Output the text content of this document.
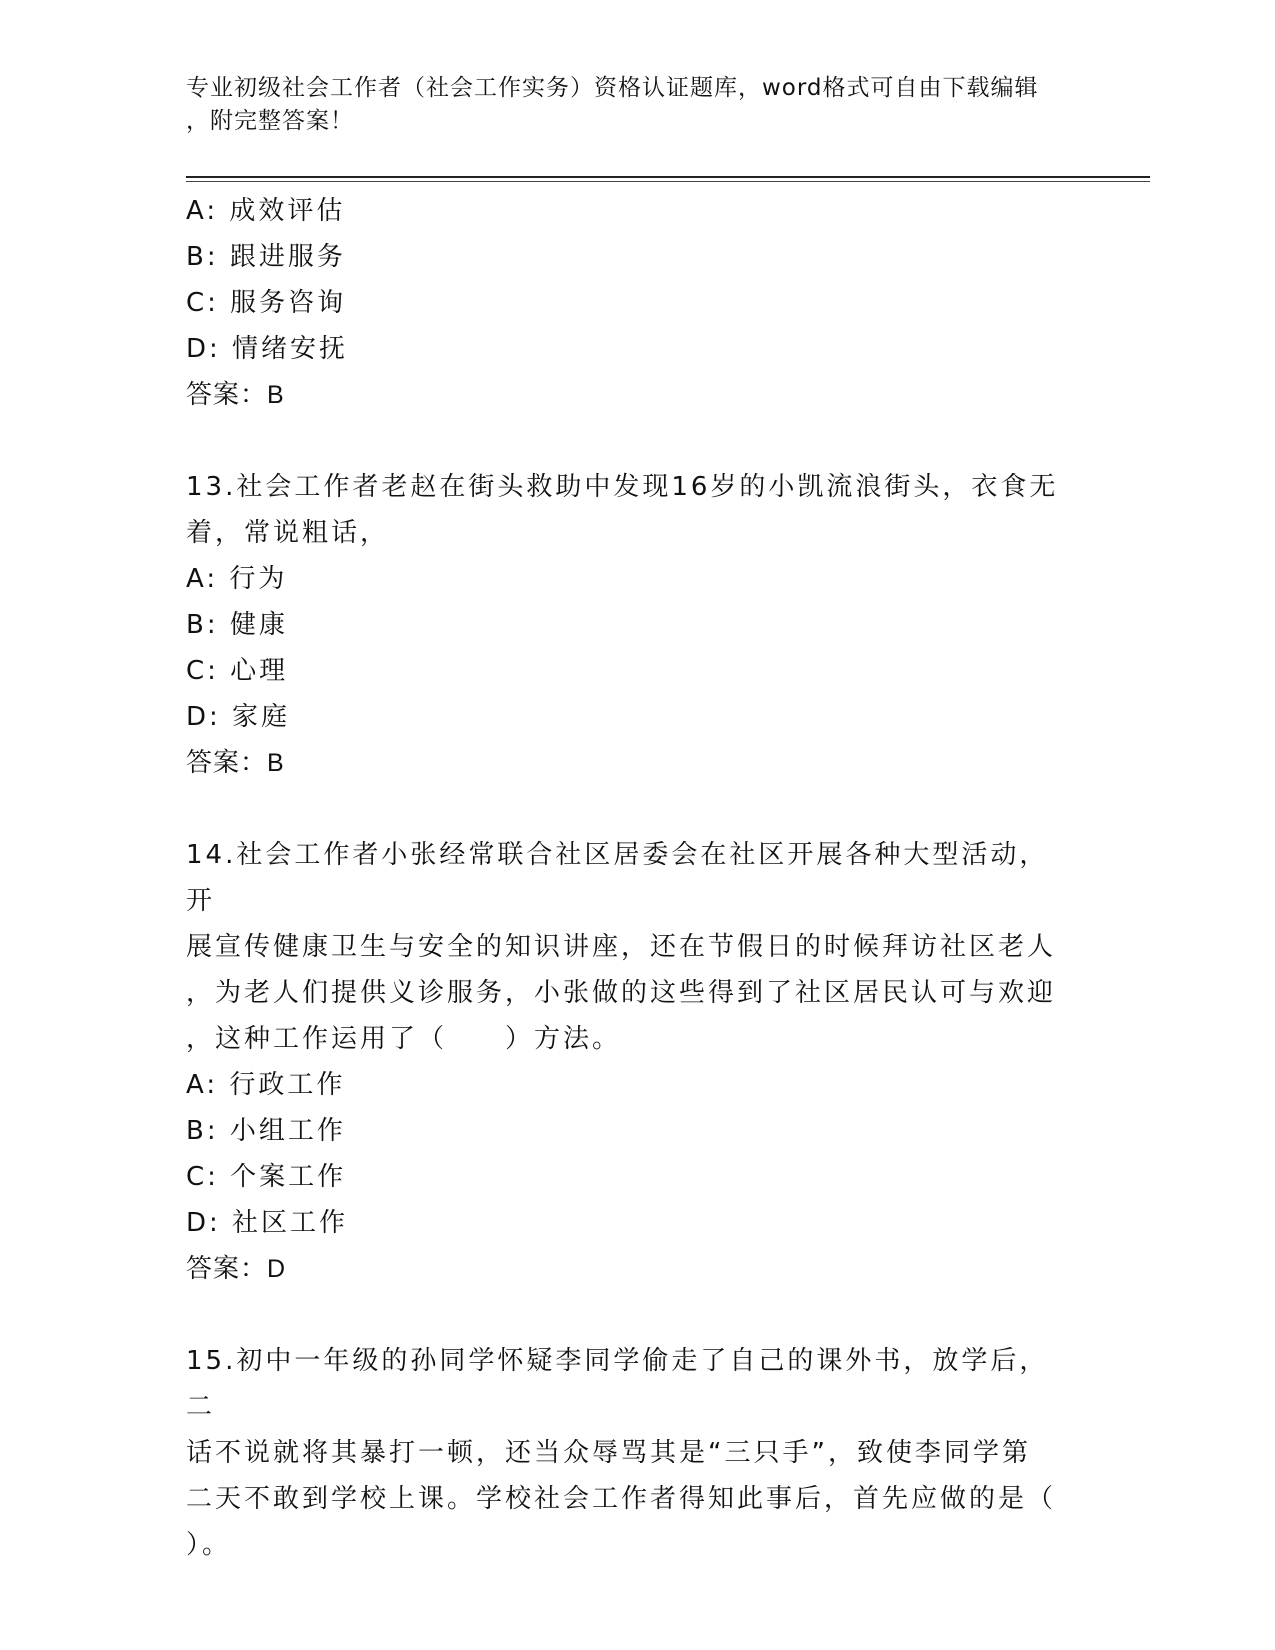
专业初级社会工作者（社会工作实务）资格认证题库，word格式可自由下载编辑
，附完整答案！
A: 成效评估
B: 跟进服务
C: 服务咨询
D: 情绪安抚
答案：B
13.社会工作者老赵在街头救助中发现16岁的小凯流浪街头，衣食无
着，常说粗话，
A: 行为
B: 健康
C: 心理
D: 家庭
答案：B
14.社会工作者小张经常联合社区居委会在社区开展各种大型活动，开
展宣传健康卫生与安全的知识讲座，还在节假日的时候拜访社区老人
，为老人们提供义诊服务，小张做的这些得到了社区居民认可与欢迎
，这种工作运用了（　　）方法。
A: 行政工作
B: 小组工作
C: 个案工作
D: 社区工作
答案：D
15.初中一年级的孙同学怀疑李同学偷走了自己的课外书，放学后，二
话不说就将其暴打一顿，还当众辱骂其是“三只手”，致使李同学第
二天不敢到学校上课。学校社会工作者得知此事后，首先应做的是（
）。
